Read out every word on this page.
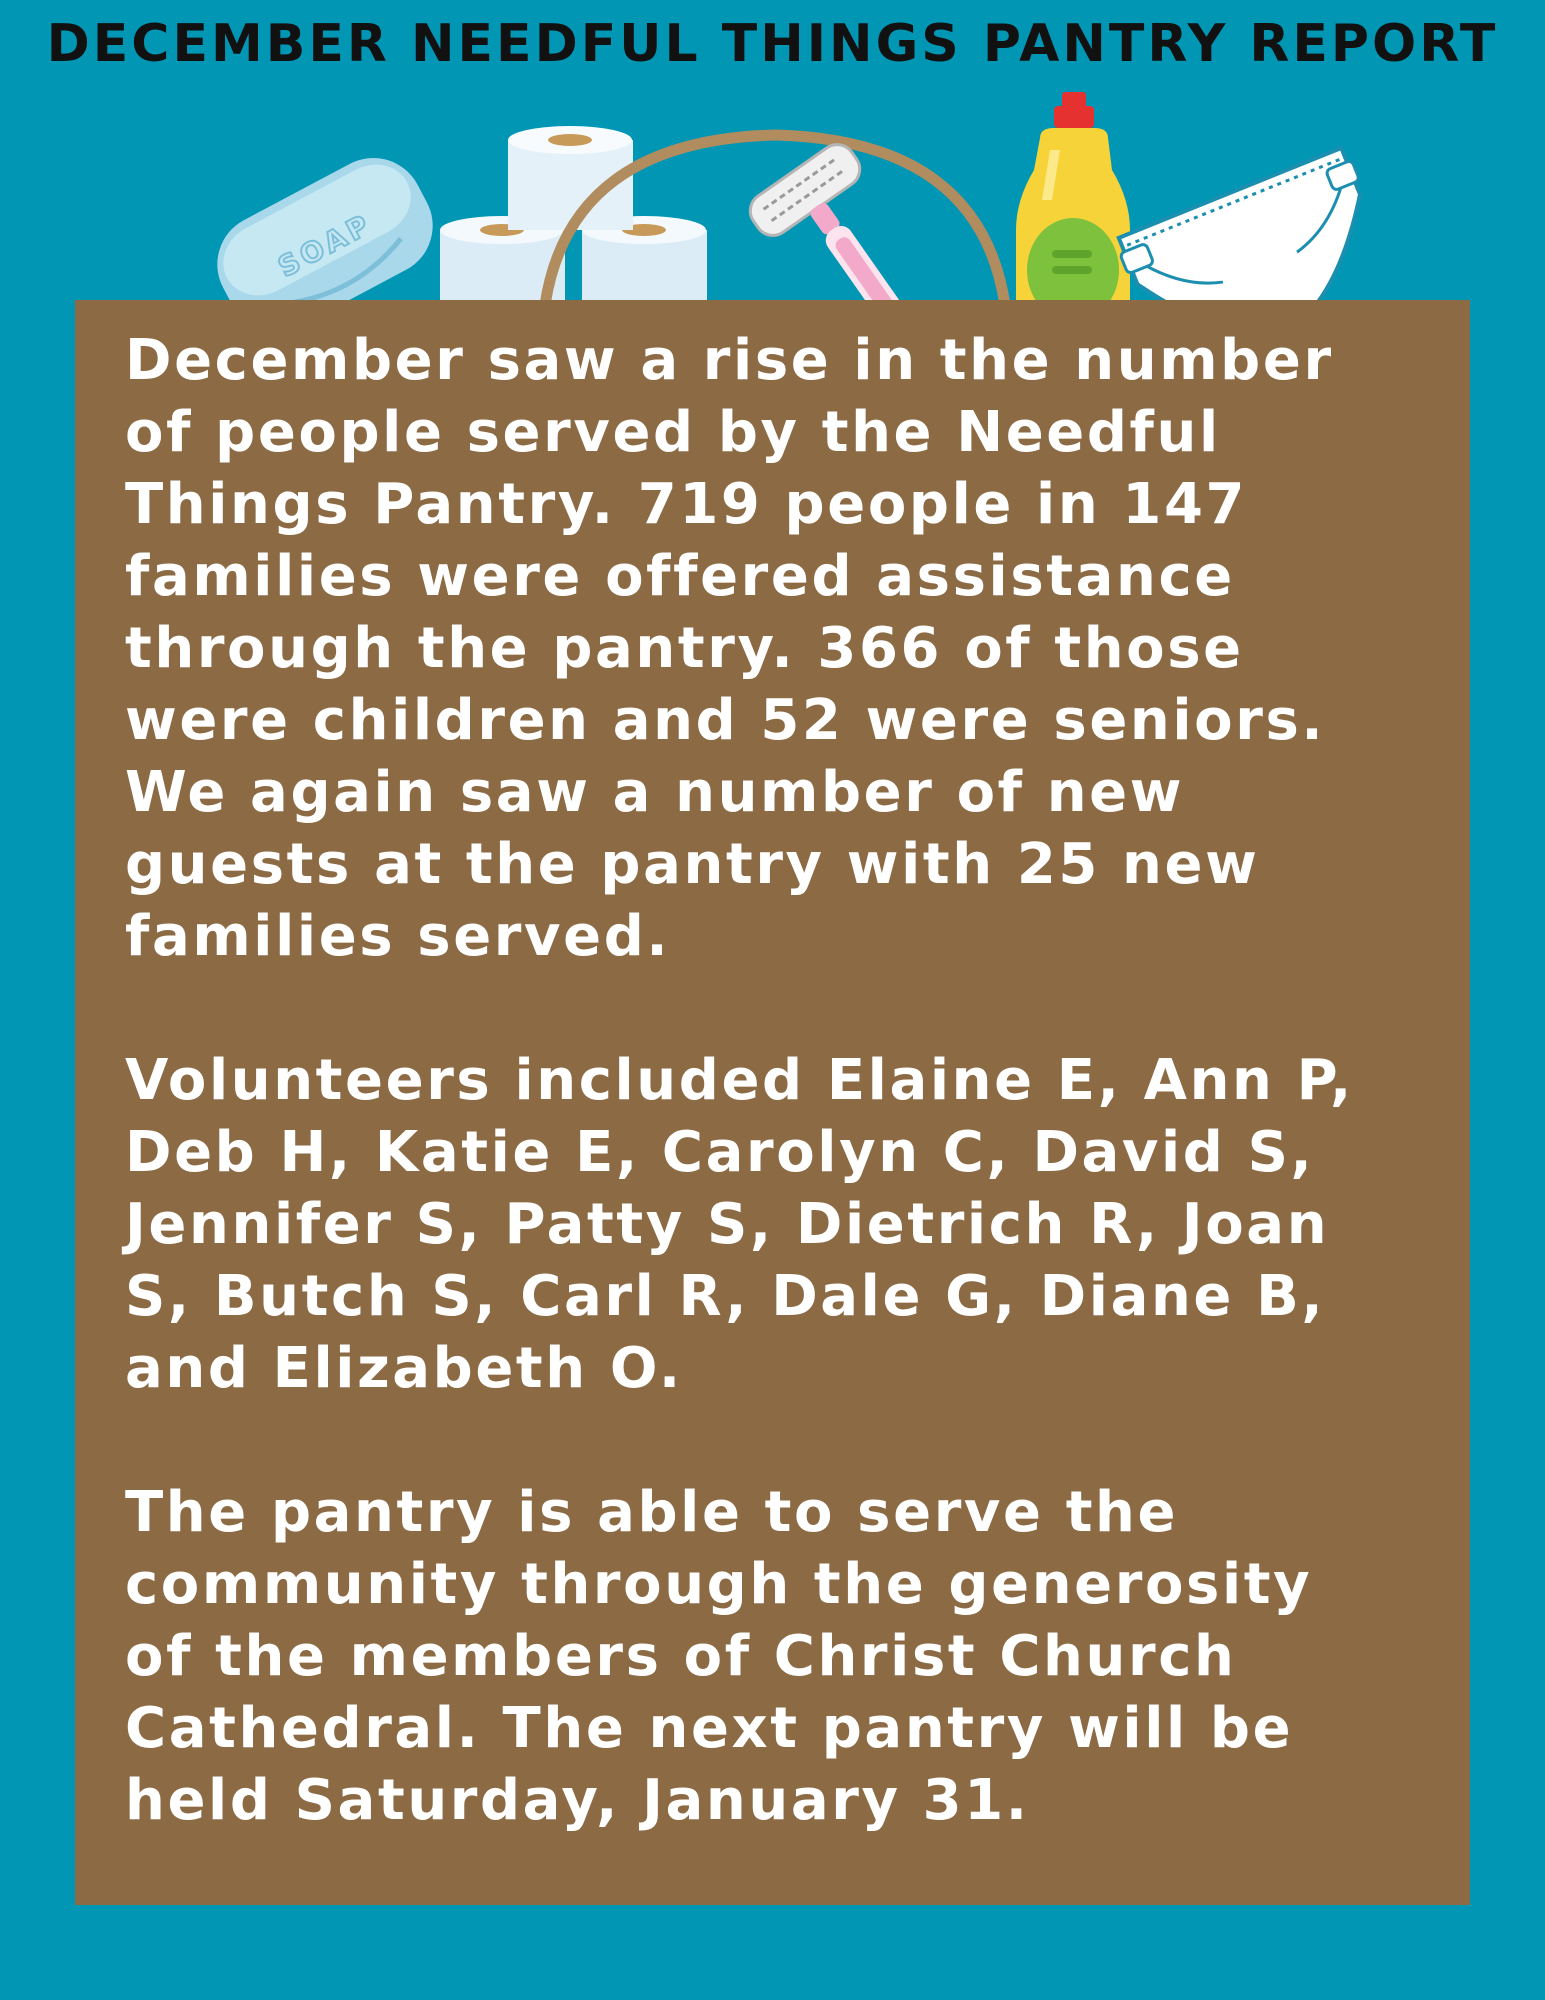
DECEMBER NEEDFUL THINGS PANTRY REPORT
SOAP

December saw a rise in the number
of people served by the Needful
Things Pantry. 719 people in 147
families were offered assistance
through the pantry. 366 of those
were children and 52 were seniors.
We again saw a number of new
guests at the pantry with 25 new
families served.

Volunteers included Elaine E, Ann P,
Deb H, Katie E, Carolyn C, David S,
Jennifer S, Patty S, Dietrich R, Joan
S, Butch S, Carl R, Dale G, Diane B,
and Elizabeth O.

The pantry is able to serve the
community through the generosity
of the members of Christ Church
Cathedral. The next pantry will be
held Saturday, January 31.
